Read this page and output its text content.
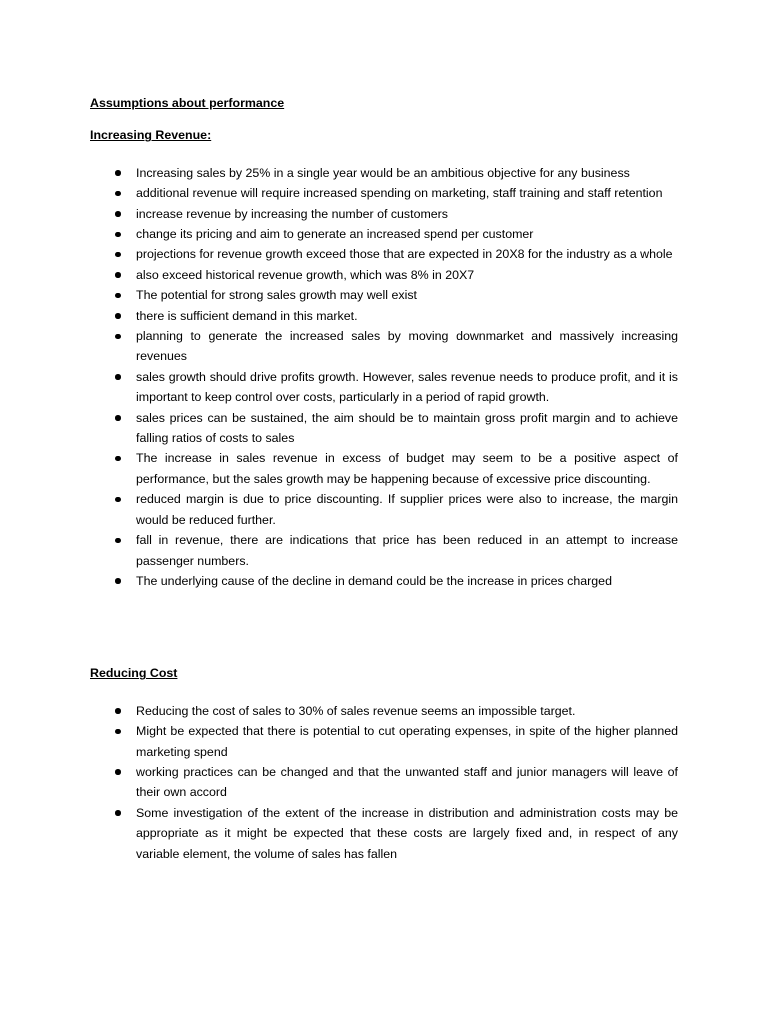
Assumptions about performance
Increasing Revenue:
Increasing sales by 25% in a single year would be an ambitious objective for any business
additional revenue will require increased spending on marketing, staff training and staff retention
increase revenue by increasing the number of customers
change its pricing and aim to generate an increased spend per customer
projections for revenue growth exceed those that are expected in 20X8 for the industry as a whole
also exceed historical revenue growth, which was 8% in 20X7
The potential for strong sales growth may well exist
there is sufficient demand in this market.
planning to generate the increased sales by moving downmarket and massively increasing revenues
sales growth should drive profits growth. However, sales revenue needs to produce profit, and it is important to keep control over costs, particularly in a period of rapid growth.
sales prices can be sustained, the aim should be to maintain gross profit margin and to achieve falling ratios of costs to sales
The increase in sales revenue in excess of budget may seem to be a positive aspect of performance, but the sales growth may be happening because of excessive price discounting.
reduced margin is due to price discounting. If supplier prices were also to increase, the margin would be reduced further.
fall in revenue, there are indications that price has been reduced in an attempt to increase passenger numbers.
The underlying cause of the decline in demand could be the increase in prices charged
Reducing Cost
Reducing the cost of sales to 30% of sales revenue seems an impossible target.
Might be expected that there is potential to cut operating expenses, in spite of the higher planned marketing spend
working practices can be changed and that the unwanted staff and junior managers will leave of their own accord
Some investigation of the extent of the increase in distribution and administration costs may be appropriate as it might be expected that these costs are largely fixed and, in respect of any variable element, the volume of sales has fallen
